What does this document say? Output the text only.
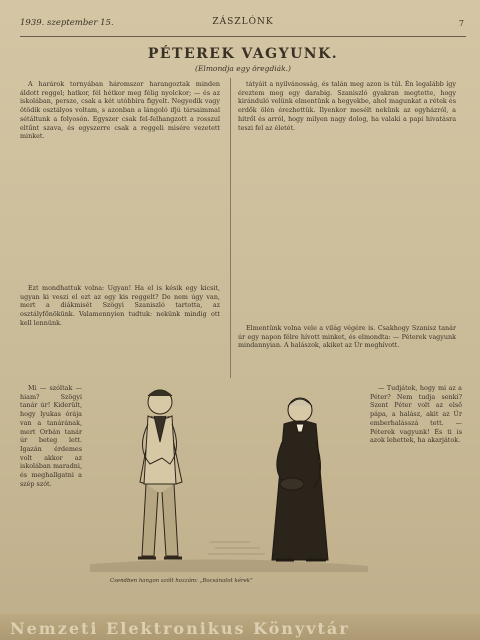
1939. szeptember 15.	ZÁSZLÓNK	7
PÉTEREK VAGYUNK.
(Elmondja egy öregdiák.)

A harárok tornyában háromszor harangoztak minden áldott reggel; hatkor, fél hétkor meg félig nyolckor; — és az iskolában, persze, csak a két utóbbira figyelt. Negyedik vagy ötödik osztályos voltam, s azonban a lángoló ifjú társaimmal sétáltunk a folyosón. Egyszer csak fel-felhangzott a rosszul eltűnt szava, és egyszerre csak a reggeli misére vezetett minket.

Ezt mondhattuk volna: Ugyan! Ha el is késik egy kicsit, ugyan ki veszi el ezt az egy kis reggelt? De nem úgy van, mert a diákmisét Szögyi Szaniszló tartotta, az osztályfőnökünk. Valamennyien tudtuk: nekünk mindig ott kell lennünk.

tátyáit a nyilvánosság, és talán meg azon is túl. Én legalább így éreztem meg egy darabig. Szaniszló gyakran megtette, hogy kiránduló velünk elmentünk a hegyekbe, ahol magunkat a rétek és erdők ölén érezhettük. Ilyenkor mesélt nekünk az egyházról, a hitről és arról, hogy milyen nagy dolog, ha valaki a papi hivatásra teszi fel az életét.

Elmentünk volna vele a világ végére is. Csakhogy Szanisz tanár úr egy napon félre hívott minket, és elmondta: — Péterek vagyunk mindannyian. A halászok, akiket az Úr meghívott.

Mi — szóltak — hiam? Szögyi tanár úr! Kiderült, hogy lyukas órája van a tanárának, mert Orbán tanár úr beteg lett. Igazán érdemes volt akkor az iskolában maradni, és meghallgatni a szép szót.

— Tudjátok, hogy mi az a Péter? Nem tudja senki? Szent Péter volt az első pápa, a halász, akit az Úr emberhalásszá tett. — Péterek vagyunk! És ti is azok lehettek, ha akarjátok.

Csendben hangon szólt hozzám: „Bocsánatot kérek”
Nemzeti Elektronikus Könyvtár
